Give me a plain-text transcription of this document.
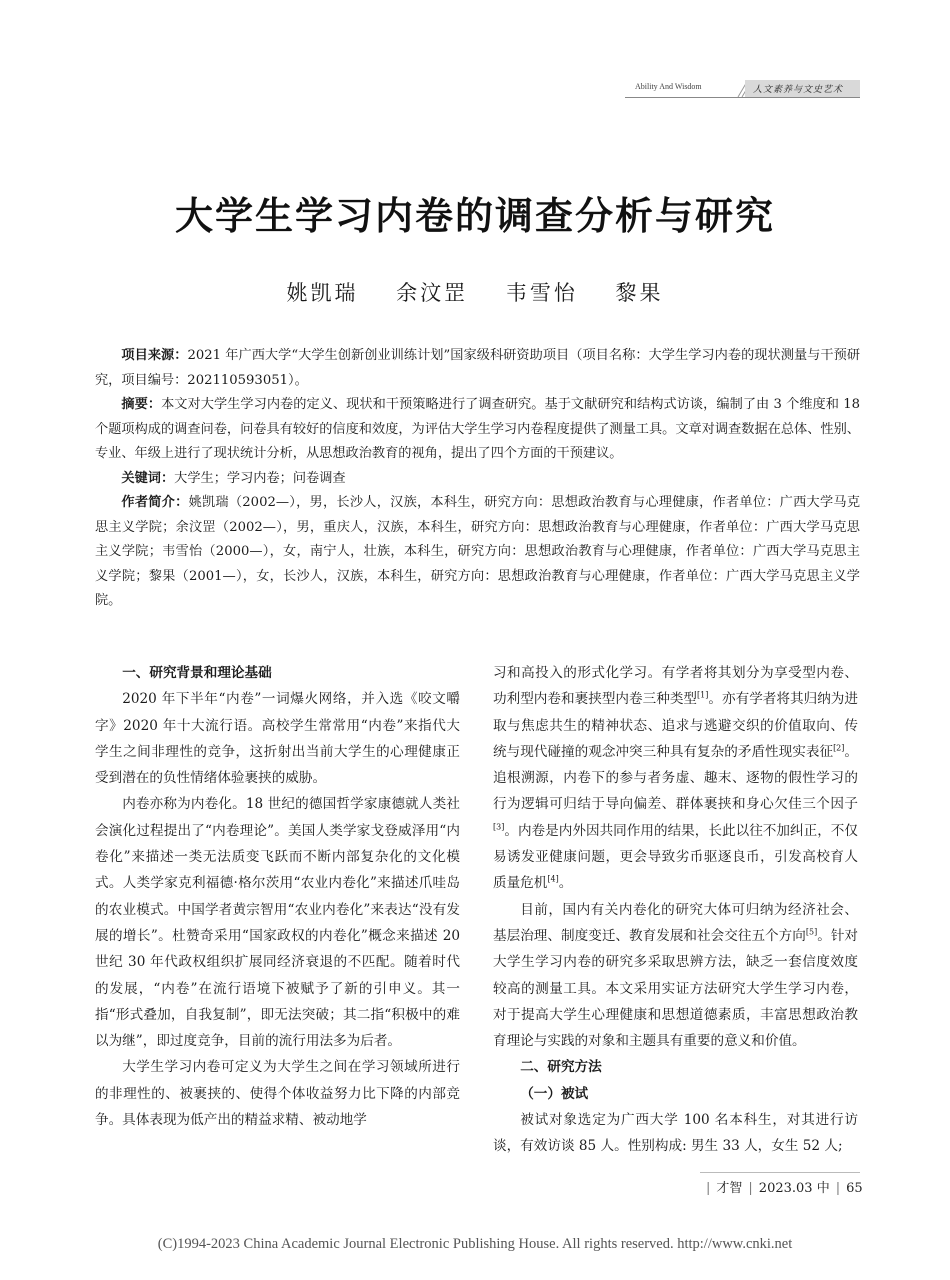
Ability And Wisdom	人文素养与文史艺术
大学生学习内卷的调查分析与研究
姚凯瑞 余汶罡 韦雪怡 黎果

项目来源：2021 年广西大学“大学生创新创业训练计划”国家级科研资助项目（项目名称：大学生学习内卷的现状测量与干预研究，项目编号：202110593051）。

摘要：本文对大学生学习内卷的定义、现状和干预策略进行了调查研究。基于文献研究和结构式访谈，编制了由 3 个维度和 18 个题项构成的调查问卷，问卷具有较好的信度和效度，为评估大学生学习内卷程度提供了测量工具。文章对调查数据在总体、性别、专业、年级上进行了现状统计分析，从思想政治教育的视角，提出了四个方面的干预建议。

关键词：大学生；学习内卷；问卷调查

作者简介：姚凯瑞（2002—），男，长沙人，汉族，本科生，研究方向：思想政治教育与心理健康，作者单位：广西大学马克思主义学院；余汶罡（2002—），男，重庆人，汉族，本科生，研究方向：思想政治教育与心理健康，作者单位：广西大学马克思主义学院；韦雪怡（2000—），女，南宁人，壮族，本科生，研究方向：思想政治教育与心理健康，作者单位：广西大学马克思主义学院；黎果（2001—），女，长沙人，汉族，本科生，研究方向：思想政治教育与心理健康，作者单位：广西大学马克思主义学院。

一、研究背景和理论基础

2020 年下半年“内卷”一词爆火网络，并入选《咬文嚼字》2020 年十大流行语。高校学生常常用“内卷”来指代大学生之间非理性的竞争，这折射出当前大学生的心理健康正受到潜在的负性情绪体验裹挟的威胁。

内卷亦称为内卷化。18 世纪的德国哲学家康德就人类社会演化过程提出了“内卷理论”。美国人类学家戈登威泽用“内卷化”来描述一类无法质变飞跃而不断内部复杂化的文化模式。人类学家克利福德·格尔茨用“农业内卷化”来描述爪哇岛的农业模式。中国学者黄宗智用“农业内卷化”来表达“没有发展的增长”。杜赞奇采用“国家政权的内卷化”概念来描述 20 世纪 30 年代政权组织扩展同经济衰退的不匹配。随着时代的发展，“内卷”在流行语境下被赋予了新的引申义。其一指“形式叠加，自我复制”，即无法突破；其二指“积极中的难以为继”，即过度竞争，目前的流行用法多为后者。

大学生学习内卷可定义为大学生之间在学习领域所进行的非理性的、被裹挟的、使得个体收益努力比下降的内部竞争。具体表现为低产出的精益求精、被动地学

习和高投入的形式化学习。有学者将其划分为享受型内卷、功利型内卷和裹挟型内卷三种类型[1]。亦有学者将其归纳为进取与焦虑共生的精神状态、追求与逃避交织的价值取向、传统与现代碰撞的观念冲突三种具有复杂的矛盾性现实表征[2]。追根溯源，内卷下的参与者务虚、趣末、逐物的假性学习的行为逻辑可归结于导向偏差、群体裹挟和身心欠佳三个因子[3]。内卷是内外因共同作用的结果，长此以往不加纠正，不仅易诱发亚健康问题，更会导致劣币驱逐良币，引发高校育人质量危机[4]。

目前，国内有关内卷化的研究大体可归纳为经济社会、基层治理、制度变迁、教育发展和社会交往五个方向[5]。针对大学生学习内卷的研究多采取思辨方法，缺乏一套信度效度较高的测量工具。本文采用实证方法研究大学生学习内卷，对于提高大学生心理健康和思想道德素质，丰富思想政治教育理论与实践的对象和主题具有重要的意义和价值。

二、研究方法

（一）被试

被试对象选定为广西大学 100 名本科生，对其进行访谈，有效访谈 85 人。性别构成: 男生 33 人，女生 52 人;

| 才智 | 2023.03 中 | 65
(C)1994-2023 China Academic Journal Electronic Publishing House. All rights reserved. http://www.cnki.net
